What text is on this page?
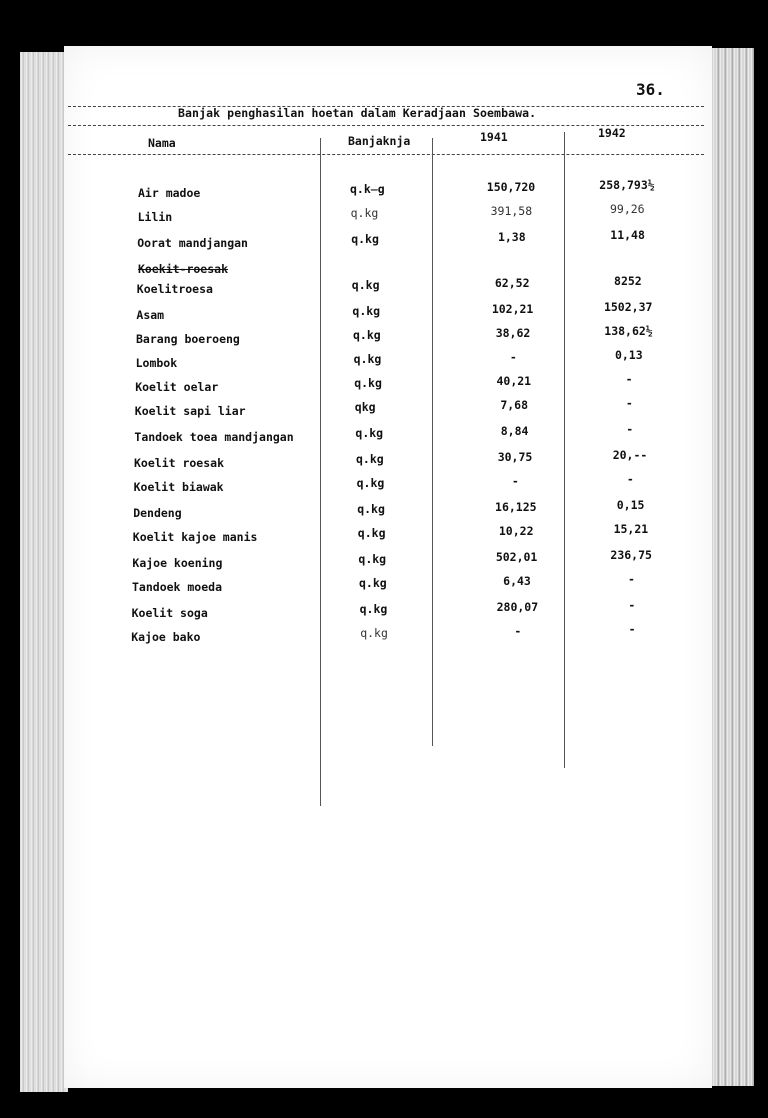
36.
Banjak penghasilan hoetan dalam Keradjaan Soembawa.
Nama	Banjaknja	1941	1942
Koekit-roesak
Air madoe	q.k̶g	150,720	258,793½
Lilin	q.kg	391,58	99,26
Oorat mandjangan	q.kg	1,38	11,48
Koelitroesa	q.kg	62,52	8252
Asam	q.kg	102,21	1502,37
Barang boeroeng	q.kg	38,62	138,62½
Lombok	q.kg	-	0,13
Koelit oelar	q.kg	40,21	-
Koelit sapi liar	qkg	7,68	-
Tandoek toea mandjangan	q.kg	8,84	-
Koelit roesak	q.kg	30,75	20,--
Koelit biawak	q.kg	-	-
Dendeng	q.kg	16,125	0,15
Koelit kajoe manis	q.kg	10,22	15,21
Kajoe koening	q.kg	502,01	236,75
Tandoek moeda	q.kg	6,43	-
Koelit soga	q.kg	280,07	-
Kajoe bako	q.kg	-	-
